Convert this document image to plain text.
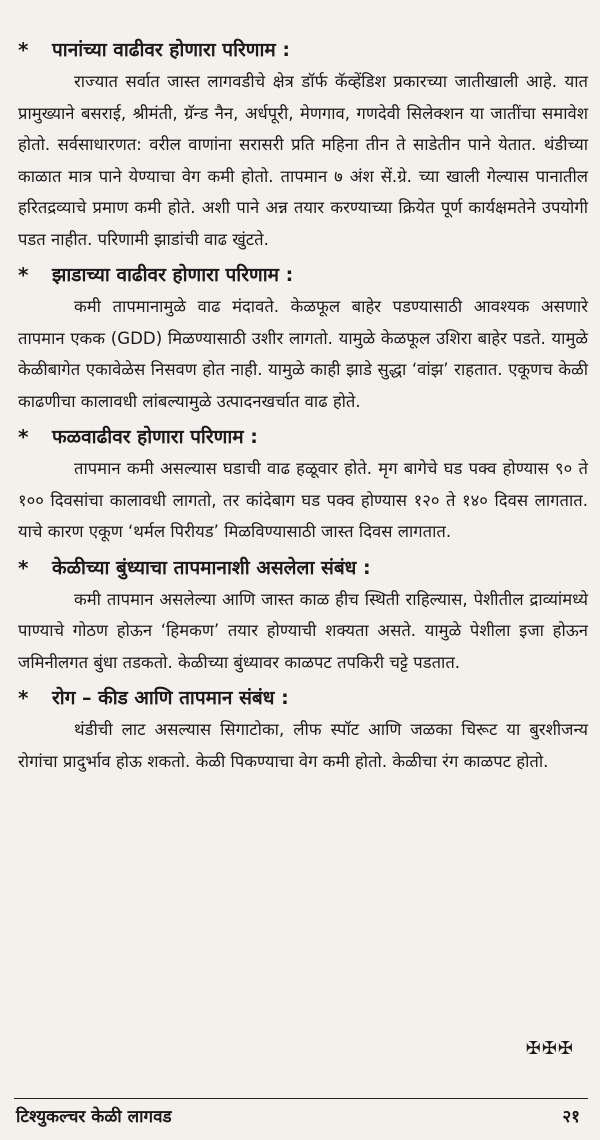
*	पानांच्या वाढीवर होणारा परिणाम :

राज्यात सर्वात जास्त लागवडीचे क्षेत्र डॉर्फ कॅव्हेंडिश प्रकारच्या जातीखाली आहे. यात प्रामुख्याने बसराई, श्रीमंती, ग्रॅन्ड नैन, अर्धपूरी, मेणगाव, गणदेवी सिलेक्शन या जातींचा समावेश होतो. सर्वसाधारणत: वरील वाणांना सरासरी प्रति महिना तीन ते साडेतीन पाने येतात. थंडीच्या काळात मात्र पाने येण्याचा वेग कमी होतो. तापमान ७ अंश सें.ग्रे. च्या खाली गेल्यास पानातील हरितद्रव्याचे प्रमाण कमी होते. अशी पाने अन्न तयार करण्याच्या क्रियेत पूर्ण कार्यक्षमतेने उपयोगी पडत नाहीत. परिणामी झाडांची वाढ खुंटते.

*	झाडाच्या वाढीवर होणारा परिणाम :

कमी तापमानामुळे वाढ मंदावते. केळफूल बाहेर पडण्यासाठी आवश्यक असणारे तापमान एकक (GDD) मिळण्यासाठी उशीर लागतो. यामुळे केळफूल उशिरा बाहेर पडते. यामुळे केळीबागेत एकावेळेस निसवण होत नाही. यामुळे काही झाडे सुद्धा ‘वांझ’ राहतात. एकूणच केळी काढणीचा कालावधी लांबल्यामुळे उत्पादनखर्चात वाढ होते.

*	फळवाढीवर होणारा परिणाम :

तापमान कमी असल्यास घडाची वाढ हळूवार होते. मृग बागेचे घड पक्व होण्यास ९० ते १०० दिवसांचा कालावधी लागतो, तर कांदेबाग घड पक्व होण्यास १२० ते १४० दिवस लागतात. याचे कारण एकूण ‘थर्मल पिरीयड’ मिळविण्यासाठी जास्त दिवस लागतात.

*	केळीच्या बुंध्याचा तापमानाशी असलेला संबंध :

कमी तापमान असलेल्या आणि जास्त काळ हीच स्थिती राहिल्यास, पेशीतील द्राव्यांमध्ये पाण्याचे गोठण होऊन ‘हिमकण’ तयार होण्याची शक्यता असते. यामुळे पेशीला इजा होऊन जमिनीलगत बुंधा तडकतो. केळीच्या बुंध्यावर काळपट तपकिरी चट्टे पडतात.

*	रोग – कीड आणि तापमान संबंध :

थंडीची लाट असल्यास सिगाटोका, लीफ स्पॉट आणि जळका चिरूट या बुरशीजन्य रोगांचा प्रादुर्भाव होऊ शकतो. केळी पिकण्याचा वेग कमी होतो. केळीचा रंग काळपट होतो.

✠✠✠
टिश्युकल्चर केळी लागवड	२१
